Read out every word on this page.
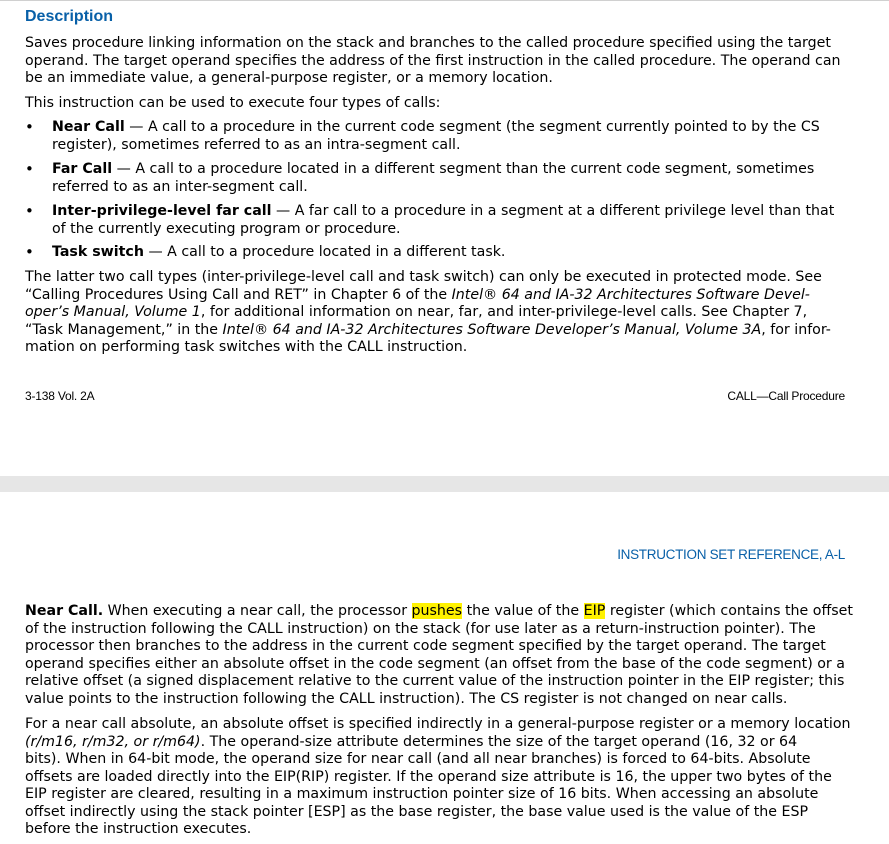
Description

Saves procedure linking information on the stack and branches to the called procedure specified using the target
operand. The target operand specifies the address of the first instruction in the called procedure. The operand can
be an immediate value, a general-purpose register, or a memory location.

This instruction can be used to execute four types of calls:

• Near Call — A call to a procedure in the current code segment (the segment currently pointed to by the CS
register), sometimes referred to as an intra-segment call.
• Far Call — A call to a procedure located in a different segment than the current code segment, sometimes
referred to as an inter-segment call.
• Inter-privilege-level far call — A far call to a procedure in a segment at a different privilege level than that
of the currently executing program or procedure.
• Task switch — A call to a procedure located in a different task.

The latter two call types (inter-privilege-level call and task switch) can only be executed in protected mode. See
“Calling Procedures Using Call and RET” in Chapter 6 of the Intel® 64 and IA-32 Architectures Software Devel-
oper’s Manual, Volume 1, for additional information on near, far, and inter-privilege-level calls. See Chapter 7,
“Task Management,” in the Intel® 64 and IA-32 Architectures Software Developer’s Manual, Volume 3A, for infor-
mation on performing task switches with the CALL instruction.

3-138 Vol. 2A	CALL—Call Procedure
INSTRUCTION SET REFERENCE, A-L

Near Call. When executing a near call, the processor pushes the value of the EIP register (which contains the offset
of the instruction following the CALL instruction) on the stack (for use later as a return-instruction pointer). The
processor then branches to the address in the current code segment specified by the target operand. The target
operand specifies either an absolute offset in the code segment (an offset from the base of the code segment) or a
relative offset (a signed displacement relative to the current value of the instruction pointer in the EIP register; this
value points to the instruction following the CALL instruction). The CS register is not changed on near calls.

For a near call absolute, an absolute offset is specified indirectly in a general-purpose register or a memory location
(r/m16, r/m32, or r/m64). The operand-size attribute determines the size of the target operand (16, 32 or 64
bits). When in 64-bit mode, the operand size for near call (and all near branches) is forced to 64-bits. Absolute
offsets are loaded directly into the EIP(RIP) register. If the operand size attribute is 16, the upper two bytes of the
EIP register are cleared, resulting in a maximum instruction pointer size of 16 bits. When accessing an absolute
offset indirectly using the stack pointer [ESP] as the base register, the base value used is the value of the ESP
before the instruction executes.
